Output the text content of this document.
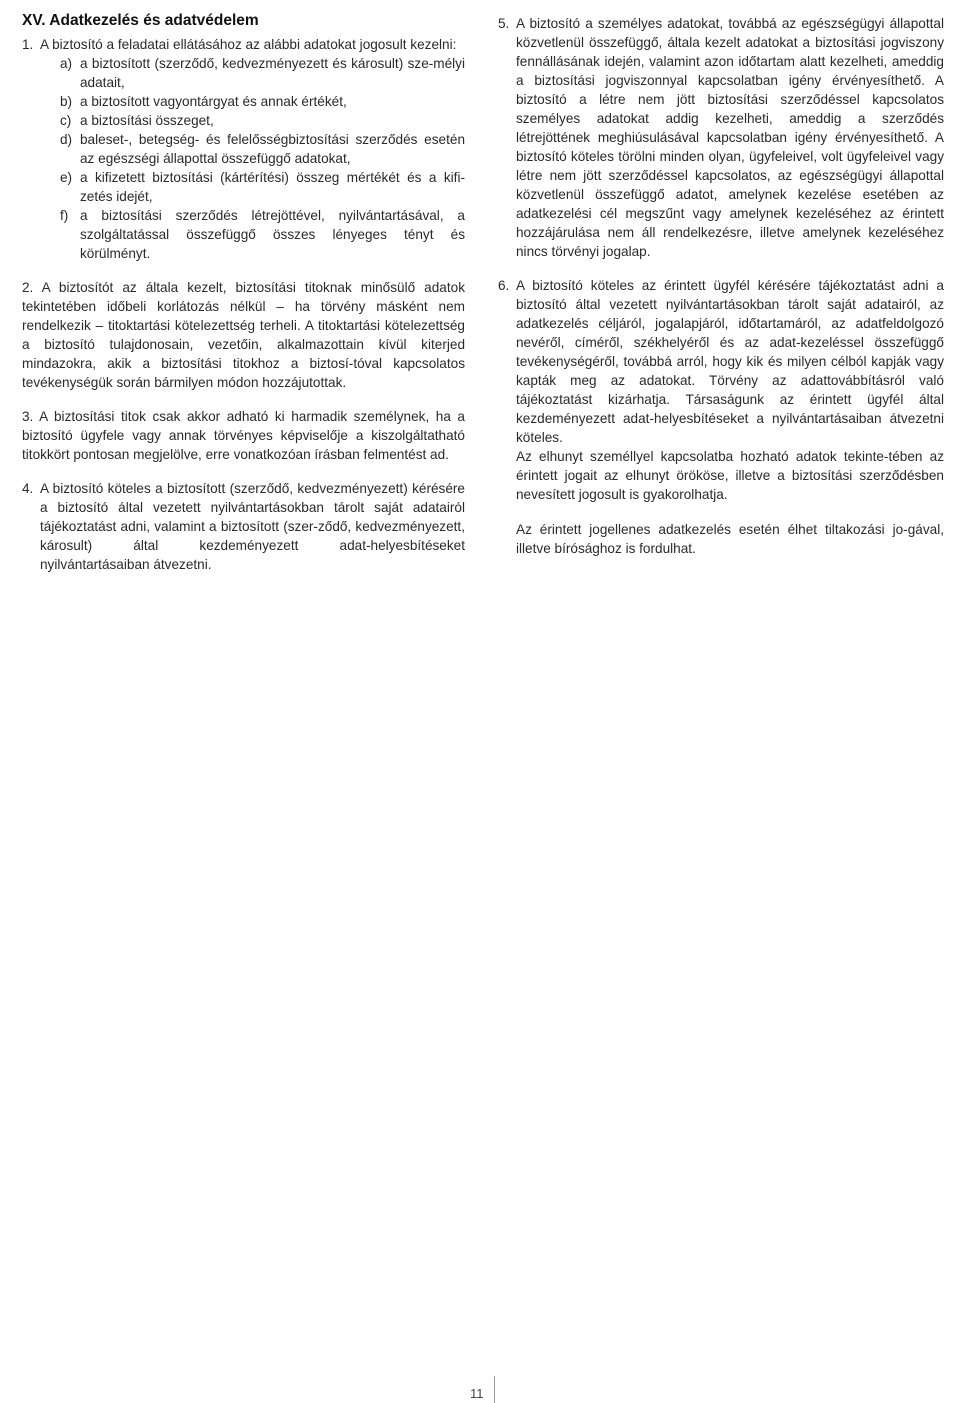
XV. Adatkezelés és adatvédelem
1. A biztosító a feladatai ellátásához az alábbi adatokat jogosult kezelni:
a) a biztosított (szerződő, kedvezményezett és károsult) sze-mélyi adatait,
b) a biztosított vagyontárgyat és annak értékét,
c) a biztosítási összeget,
d) baleset-, betegség- és felelősségbiztosítási szerződés esetén az egészségi állapottal összefüggő adatokat,
e) a kifizetett biztosítási (kártérítési) összeg mértékét és a kifi-zetés idejét,
f) a biztosítási szerződés létrejöttével, nyilvántartásával, a szolgáltatással összefüggő összes lényeges tényt és körülményt.
2. A biztosítót az általa kezelt, biztosítási titoknak minősülő adatok tekintetében időbeli korlátozás nélkül – ha törvény másként nem rendelkezik – titoktartási kötelezettség terheli. A titoktartási kötelezettség a biztosító tulajdonosain, vezetőin, alkalmazottain kívül kiterjed mindazokra, akik a biztosítási titokhoz a biztosí-tóval kapcsolatos tevékenységük során bármilyen módon hozzájutottak.
3. A biztosítási titok csak akkor adható ki harmadik személynek, ha a biztosító ügyfele vagy annak törvényes képviselője a kiszolgáltatható titokkört pontosan megjelölve, erre vonatkozóan írásban felmentést ad.
4. A biztosító köteles a biztosított (szerződő, kedvezményezett) kérésére a biztosító által vezetett nyilvántartásokban tárolt saját adatairól tájékoztatást adni, valamint a biztosított (szer-ződő, kedvezményezett, károsult) által kezdeményezett adat-helyesbítéseket nyilvántartásaiban átvezetni.
5. A biztosító a személyes adatokat, továbbá az egészségügyi állapottal közvetlenül összefüggő, általa kezelt adatokat a biztosítási jogviszony fennállásának idején, valamint azon időtartam alatt kezelheti, ameddig a biztosítási jogviszonnyal kapcsolatban igény érvényesíthető. A biztosító a létre nem jött biztosítási szerződéssel kapcsolatos személyes adatokat addig kezelheti, ameddig a szerződés létrejöttének meghiúsulásával kapcsolatban igény érvényesíthető. A biztosító köteles törölni minden olyan, ügyfeleivel, volt ügyfeleivel vagy létre nem jött szerződéssel kapcsolatos, az egészségügyi állapottal közvetlenül összefüggő adatot, amelynek kezelése esetében az adatkezelési cél megszűnt vagy amelynek kezeléséhez az érintett hozzájárulása nem áll rendelkezésre, illetve amelynek kezeléséhez nincs törvényi jogalap.
6. A biztosító köteles az érintett ügyfél kérésére tájékoztatást adni a biztosító által vezetett nyilvántartásokban tárolt saját adatairól, az adatkezelés céljáról, jogalapjáról, időtartamáról, az adatfeldolgozó nevéről, címéről, székhelyéről és az adat-kezeléssel összefüggő tevékenységéről, továbbá arról, hogy kik és milyen célból kapják vagy kapták meg az adatokat. Törvény az adattovábbításról való tájékoztatást kizárhatja. Társaságunk az érintett ügyfél által kezdeményezett adat-helyesbítéseket a nyilvántartásaiban átvezetni köteles.
Az elhunyt személlyel kapcsolatba hozható adatok tekinte-tében az érintett jogait az elhunyt örököse, illetve a biztosítási szerződésben nevesített jogosult is gyakorolhatja.
Az érintett jogellenes adatkezelés esetén élhet tiltakozási jo-gával, illetve bírósághoz is fordulhat.
11
